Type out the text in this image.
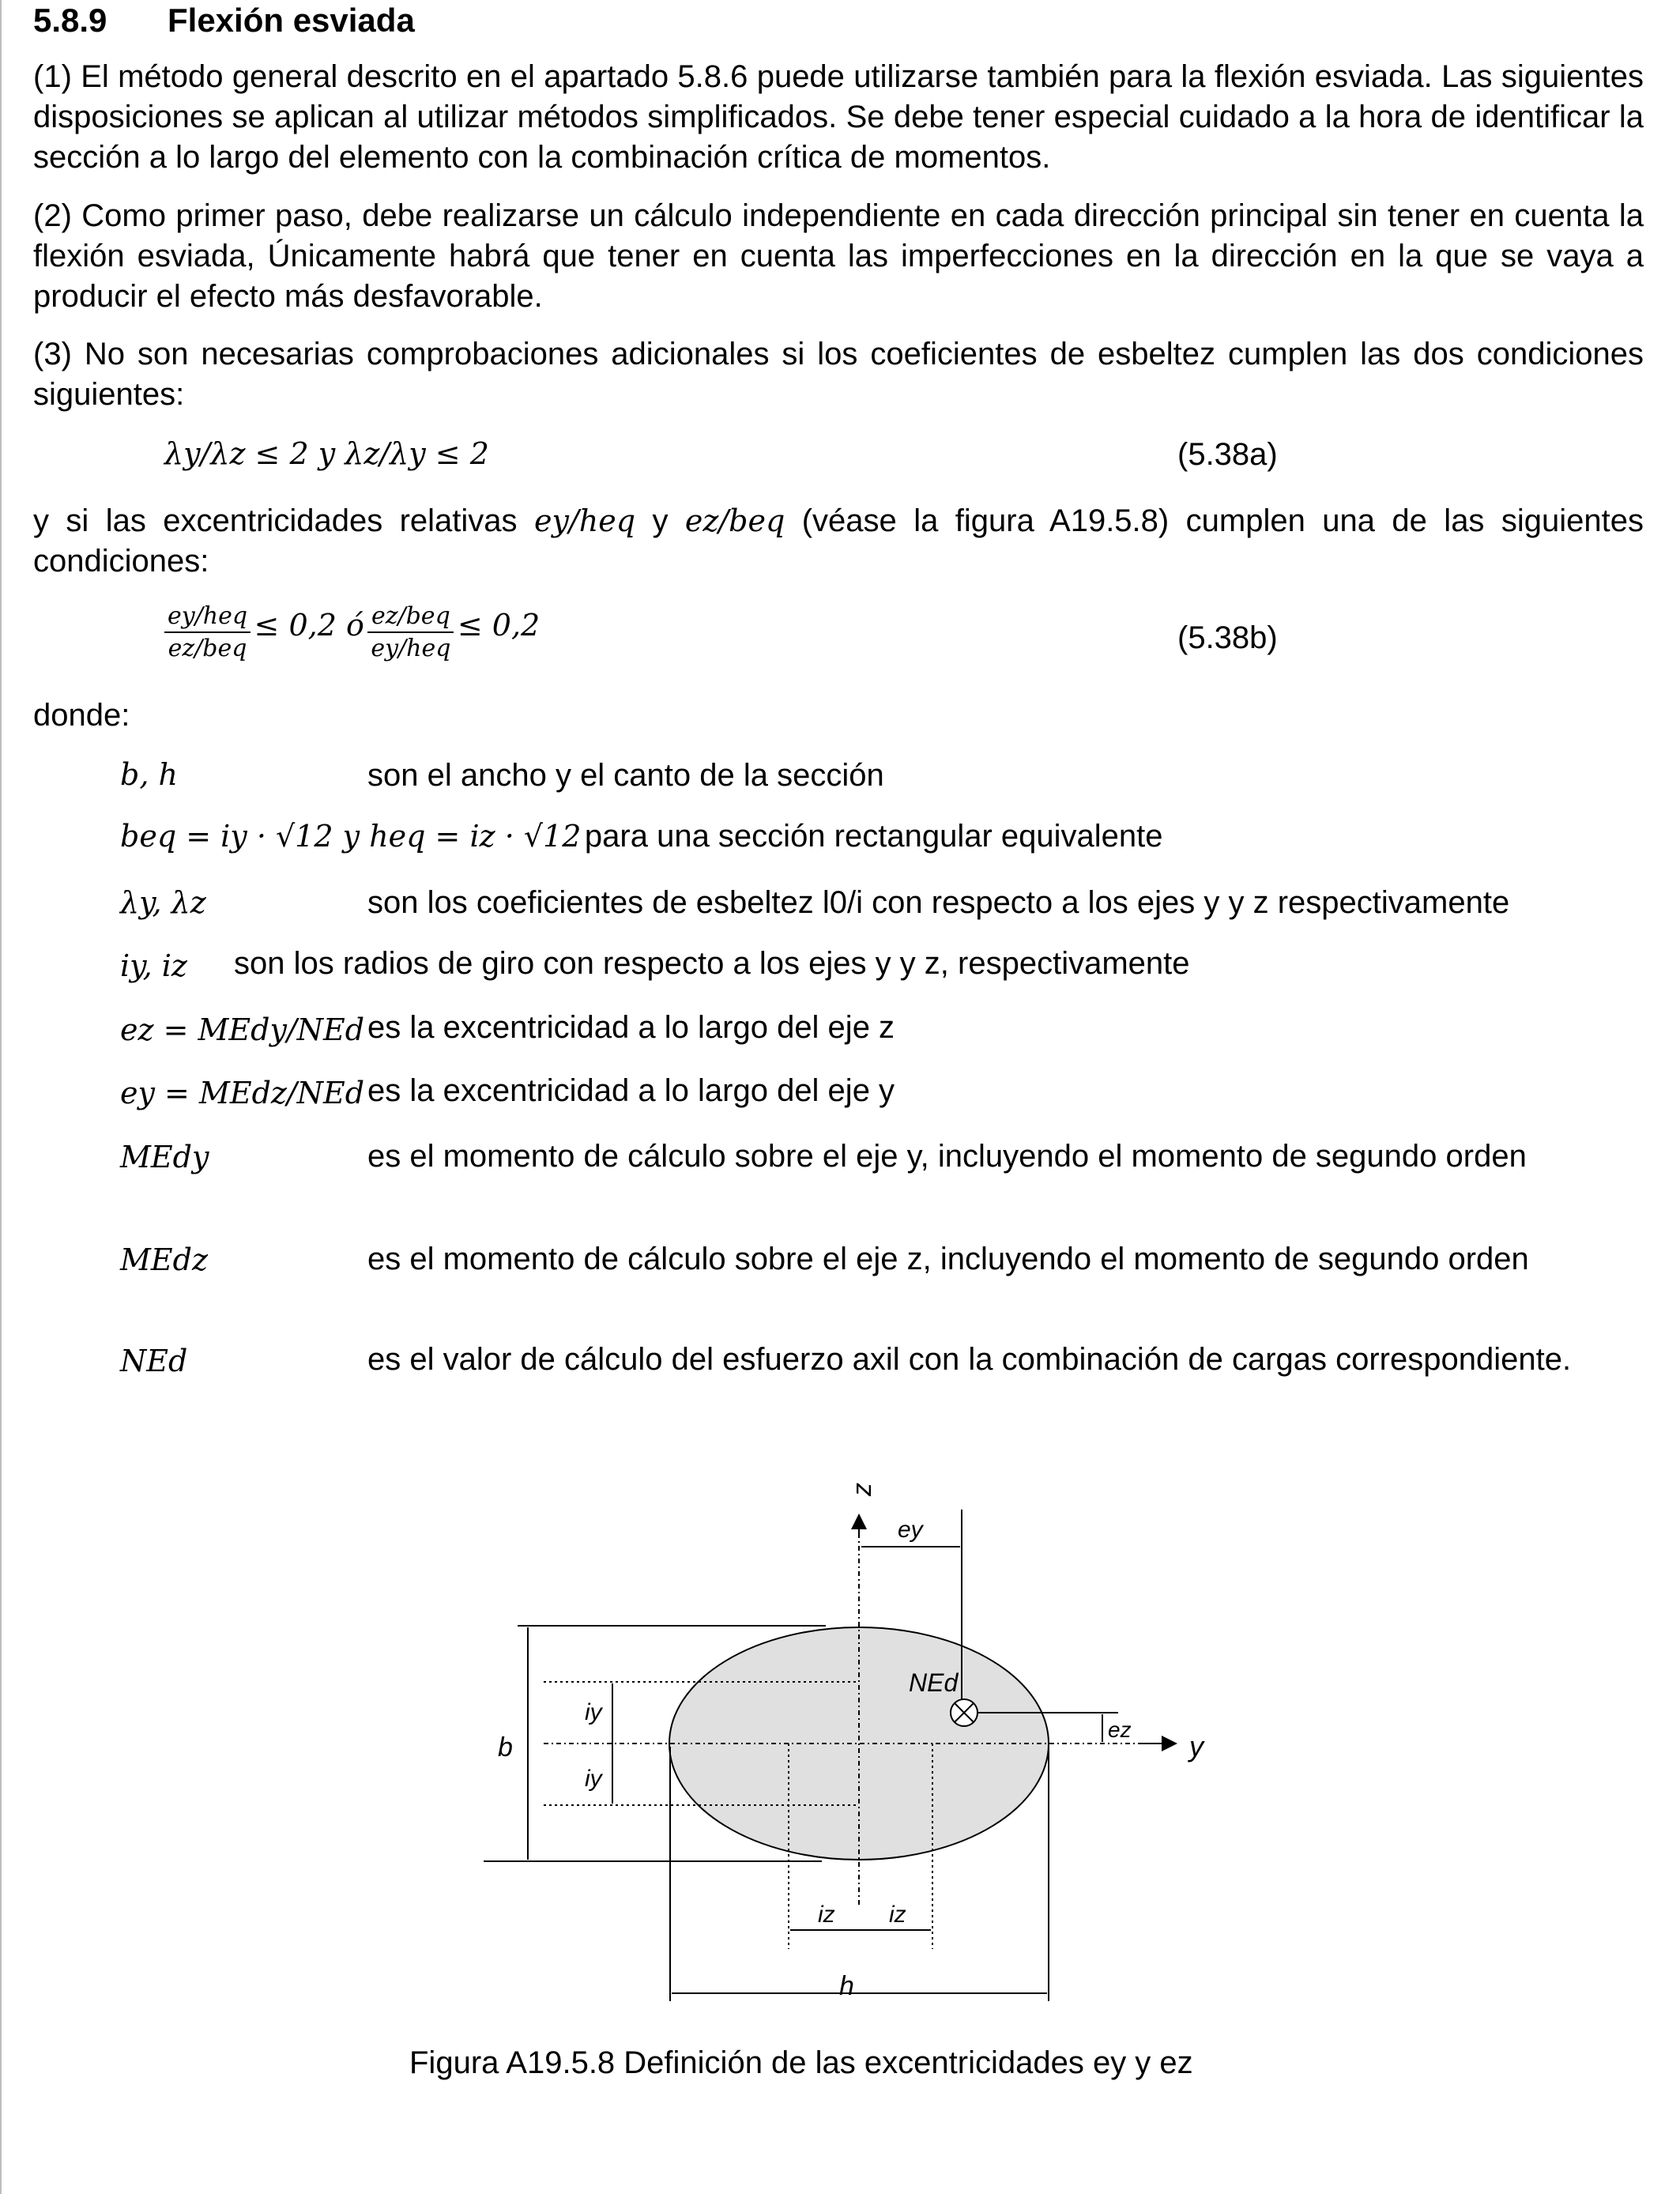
5.8.9 Flexión esviada
(1) El método general descrito en el apartado 5.8.6 puede utilizarse también para la flexión esviada. Las siguientes disposiciones se aplican al utilizar métodos simplificados. Se debe tener especial cuidado a la hora de identificar la sección a lo largo del elemento con la combinación crítica de momentos.
(2) Como primer paso, debe realizarse un cálculo independiente en cada dirección principal sin tener en cuenta la flexión esviada, Únicamente habrá que tener en cuenta las imperfecciones en la dirección en la que se vaya a producir el efecto más desfavorable.
(3) No son necesarias comprobaciones adicionales si los coeficientes de esbeltez cumplen las dos condiciones siguientes:
λy/λz ≤ 2 y λz/λy ≤ 2	(5.38a)
y si las excentricidades relativas ey/heq y ez/beq (véase la figura A19.5.8) cumplen una de las siguientes condiciones:
$\frac{\text{ey/heq}}{\text{ez/beq}} \le 0,2$ ó $\frac{\text{ez/beq}}{\text{ey/heq}} \le 0,2$	(5.38b)
donde:
b, h	son el ancho y el canto de la sección
beq = iy · √12 y heq = iz · √12 para una sección rectangular equivalente
λy, λz	son los coeficientes de esbeltez l0/i con respecto a los ejes y y z respectivamente
iy, iz son los radios de giro con respecto a los ejes y y z, respectivamente
ez = MEdy/NEd es la excentricidad a lo largo del eje z
ey = MEdz/NEd es la excentricidad a lo largo del eje y
MEdy	es el momento de cálculo sobre el eje y, incluyendo el momento de segundo orden
MEdz	es el momento de cálculo sobre el eje z, incluyendo el momento de segundo orden
NEd	es el valor de cálculo del esfuerzo axil con la combinación de cargas correspondiente.
b
iy
iy
z
ey
NEd
ez
y
iz iz
h
Figura A19.5.8 Definición de las excentricidades ey y ez
